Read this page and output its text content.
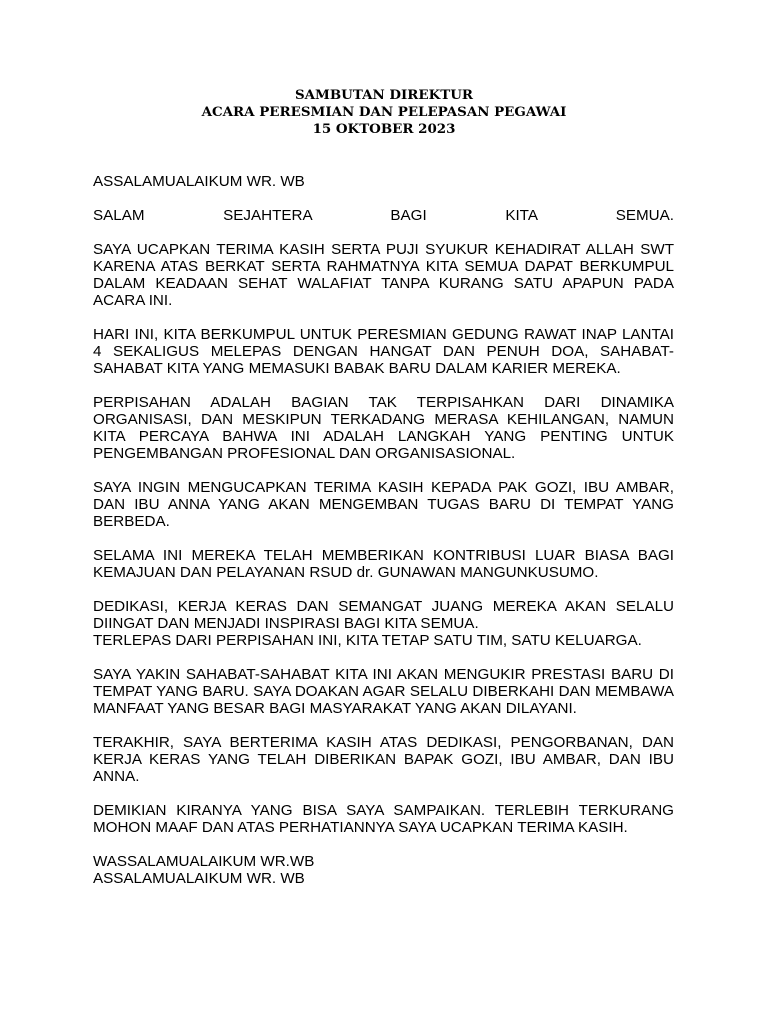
SAMBUTAN DIREKTUR
ACARA PERESMIAN DAN PELEPASAN PEGAWAI
15 OKTOBER 2023

ASSALAMUALAIKUM WR. WB

SALAM SEJAHTERA BAGI KITA SEMUA.

SAYA UCAPKAN TERIMA KASIH SERTA PUJI SYUKUR KEHADIRAT ALLAH SWT KARENA ATAS BERKAT SERTA RAHMATNYA KITA SEMUA DAPAT BERKUMPUL DALAM KEADAAN SEHAT WALAFIAT TANPA KURANG SATU APAPUN PADA ACARA INI.

HARI INI, KITA BERKUMPUL UNTUK PERESMIAN GEDUNG RAWAT INAP LANTAI 4 SEKALIGUS MELEPAS DENGAN HANGAT DAN PENUH DOA, SAHABAT-SAHABAT KITA YANG MEMASUKI BABAK BARU DALAM KARIER MEREKA.

PERPISAHAN ADALAH BAGIAN TAK TERPISAHKAN DARI DINAMIKA ORGANISASI, DAN MESKIPUN TERKADANG MERASA KEHILANGAN, NAMUN KITA PERCAYA BAHWA INI ADALAH LANGKAH YANG PENTING UNTUK PENGEMBANGAN PROFESIONAL DAN ORGANISASIONAL.

SAYA INGIN MENGUCAPKAN TERIMA KASIH KEPADA PAK GOZI, IBU AMBAR, DAN IBU ANNA YANG AKAN MENGEMBAN TUGAS BARU DI TEMPAT YANG BERBEDA.

SELAMA INI MEREKA TELAH MEMBERIKAN KONTRIBUSI LUAR BIASA BAGI KEMAJUAN DAN PELAYANAN RSUD dr. GUNAWAN MANGUNKUSUMO.

DEDIKASI, KERJA KERAS DAN SEMANGAT JUANG MEREKA AKAN SELALU DIINGAT DAN MENJADI INSPIRASI BAGI KITA SEMUA.
TERLEPAS DARI PERPISAHAN INI, KITA TETAP SATU TIM, SATU KELUARGA.

SAYA YAKIN SAHABAT-SAHABAT KITA INI AKAN MENGUKIR PRESTASI BARU DI TEMPAT YANG BARU. SAYA DOAKAN AGAR SELALU DIBERKAHI DAN MEMBAWA MANFAAT YANG BESAR BAGI MASYARAKAT YANG AKAN DILAYANI.

TERAKHIR, SAYA BERTERIMA KASIH ATAS DEDIKASI, PENGORBANAN, DAN KERJA KERAS YANG TELAH DIBERIKAN BAPAK GOZI, IBU AMBAR, DAN IBU ANNA.

DEMIKIAN KIRANYA YANG BISA SAYA SAMPAIKAN. TERLEBIH TERKURANG MOHON MAAF DAN ATAS PERHATIANNYA SAYA UCAPKAN TERIMA KASIH.

WASSALAMUALAIKUM WR.WB
ASSALAMUALAIKUM WR. WB
